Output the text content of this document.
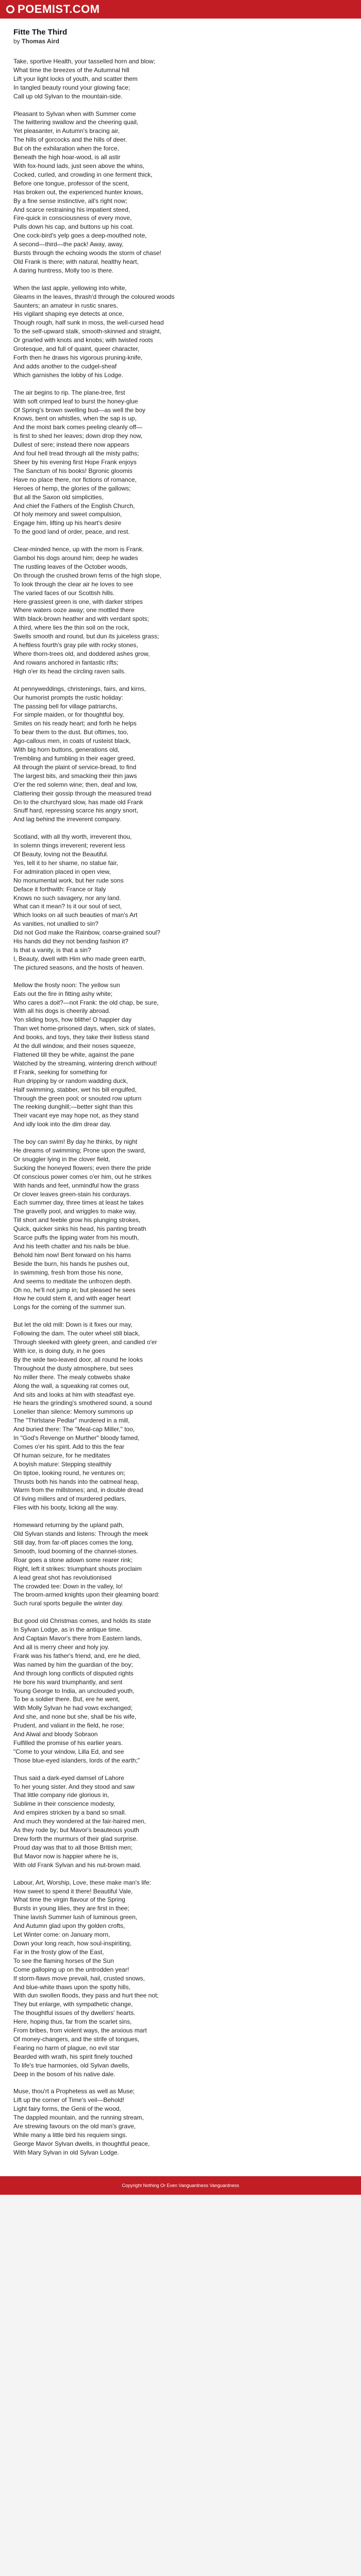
POEMIST.COM
Fitte The Third
by Thomas Aird
Take, sportive Health, your tasselled horn and blow;
What time the breezes of the Autumnal hill
Lift your light locks of youth, and scatter them
In tangled beauty round your glowing face;
Call up old Sylvan to the mountain-side.
Pleasant to Sylvan when with Summer come
The twittering swallow and the cheering quail,
Yet pleasanter, in Autumn's bracing air,
The hills of gorcocks and the hills of deer.
But oh the exhilaration when the force,
Beneath the high hoar-wood, is all astir
With fox-hound lads, just seen above the whins,
Cocked, curled, and crowding in one ferment thick,
Before one tongue, professor of the scent,
Has broken out, the experienced hunter knows,
By a fine sense instinctive, all's right now;
And scarce restraining his impatient steed,
Fire-quick in consciousness of every move,
Pulls down his cap, and buttons up his coat.
One cock-bird's yelp goes a deep-mouthed note,
A second—third—the pack! Away, away,
Bursts through the echoing woods the storm of chase!
Old Frank is there; with natural, healthy heart,
A daring huntress, Molly too is there.
When the last apple, yellowing into white,
Gleams in the leaves, thrash'd through the coloured woods
Saunters; an amateur in rustic snares,
His vigilant shaping eye detects at once,
Though rough, half sunk in moss, the well-cursed head
To the self-upward stalk, smooth-skinned and straight,
Or gnarled with knots and knobs; with twisted roots
Grotesque, and full of quaint, queer character,
Forth then he draws his vigorous pruning-knife,
And adds another to the cudgel-sheaf
Which garnishes the lobby of his Lodge.
The air begins to rip. The plane-tree, first
With soft crimped leaf to burst the honey-glue
Of Spring's brown swelling bud—as well the boy
Knows, bent on whistles, when the sap is up,
And the moist bark comes peeling cleanly off—
Is first to shed her leaves; down drop they now,
Dullest of sere; instead there now appears
And foul hell tread through all the misty paths;
Sheer by his evening first Hope Frank enjoys
The Sanctum of his books! Bgronic gloomis
Have no place there, nor fictions of romance,
Heroes of hemp, the glories of the gallows;
But all the Saxon old simplicities,
And chief the Fathers of the English Church,
Of holy memory and sweet compulsion,
Engage him, lifting up his heart's desire
To the good land of order, peace, and rest.
Clear-minded hence, up with the morn is Frank.
Gambol his dogs around him; deep he wades
The rustling leaves of the October woods,
On through the crushed brown ferns of the high slope,
To look through the clear air he loves to see
The varied faces of our Scottish hills.
Here grassiest green is one, with darker stripes
Where waters ooze away; one mottled there
With black-brown heather and with verdant spots;
A third, where lies the thin soil on the rock,
Swells smooth and round, but dun its juiceless grass;
A heftless fourth's gray pile with rocky stones,
Where thorn-trees old, and doddered ashes grow,
And rowans anchored in fantastic rifts;
High o'er its head the circling raven sails.
At pennyweddings, christenings, fairs, and kirns,
Our humorist prompts the rustic holiday:
The passing bell for village patriarchs,
For simple maiden, or for thoughtful boy,
Smites on his ready heart; and forth he helps
To bear them to the dust. But oftimes, too,
Ago-callous men, in coats of rusteist black,
With big horn buttons, generations old,
Trembling and fumbling in their eager greed,
All through the plaint of service-bread, to find
The largest bits, and smacking their thin jaws
O'er the red solemn wine; then, deaf and low,
Clattering their gossip through the measured tread
On to the churchyard slow, has made old Frank
Snuff hard, repressing scarce his angry snort,
And lag behind the irreverent company.
Scotland, with all thy worth, irreverent thou,
In solemn things irreverent; reverent less
Of Beauty, loving not the Beautiful.
Yes, tell it to her shame, no statue fair,
For admiration placed in open view,
No monumental work, but her rude sons
Deface it forthwith: France or Italy
Knows no such savagery, nor any land.
What can it mean? Is it our soul of sect,
Which looks on all such beauties of man's Art
As vanities, not unallied to sin?
Did not God make the Rainbow, coarse-grained soul?
His hands did they not bending fashion it?
Is that a vanity, is that a sin?
I, Beauty, dwell with Him who made green earth,
The pictured seasons, and the hosts of heaven.
Mellow the frosty noon: The yellow sun
Eats out the fire in fitting ashy white;
Who cares a doit?—not Frank: the old chap, be sure,
With all his dogs is cheerily abroad.
Yon sliding boys, how blithe! O happier day
Than wet home-prisoned days, when, sick of slates,
And books, and toys, they take their listless stand
At the dull window, and their noses squeeze,
Flattened till they be white, against the pane
Watched by the streaming, wintering drench without!
If Frank, seeking for something for
Run dripping by or random wadding duck,
Half swimming, stabber, wet his bill engulfed,
Through the green pool; or snouted row upturn
The reeking dunghill;—better sight than this
Their vacant eye may hope not, as they stand
And idly look into the dim drear day.
The boy can swim! By day he thinks, by night
He dreams of swimming; Prone upon the sward,
Or snuggler lying in the clover field,
Sucking the honeyed flowers; even there the pride
Of conscious power comes o'er him, out he strikes
With hands and feet, unmindful how the grass
Or clover leaves green-stain his cordurays.
Each summer day, three times at least he takes
The gravelly pool, and wriggles to make way,
Till short and feeble grow his plunging strokes,
Quick, quicker sinks his head, his panting breath
Scarce puffs the lipping water from his mouth,
And his teeth chatter and his nails be blue.
Behold him now! Bent forward on his hams
Beside the burn, his hands he pushes out,
In swimming, fresh from those his none,
And seems to meditate the unfrozen depth.
Oh no, he'll not jump in; but pleased he sees
How he could stem it, and with eager heart
Longs for the coming of the summer sun.
But let the old mill: Down is it fixes our may,
Following the dam. The outer wheel still black,
Through sleeked with gleety green, and candled o'er
With ice, is doing duty, in he goes
By the wide two-leaved door, all round he looks
Throughout the dusty atmosphere, but sees
No miller there. The mealy cobwebs shake
Along the wall, a squeaking rat comes out,
And sits and looks at him with steadfast eye.
He hears the grinding's smothered sound, a sound
Lonelier than silence: Memory summons up
The "Thirlstane Pedlar" murdered in a mill,
And buried there: The "Meal-cap Miller," too,
In "God's Revenge on Murther" bloody famed,
Comes o'er his spirit. Add to this the fear
Of human seizure, for he meditates
A boyish mature: Stepping stealthily
On tiptoe, looking round, he ventures on;
Thrusts both his hands into the oatmeal heap,
Warm from the millstones; and, in double dread
Of living millers and of murdered pedlars,
Flies with his booty, licking all the way.
Homeward returning by the upland path,
Old Sylvan stands and listens: Through the meek
Still day, from far-off places comes the long,
Smooth, loud booming of the channel-stones.
Roar goes a stone adown some rearer rink;
Right, left it strikes: triumphant shouts proclaim
A lead great shot has revolutionised
The crowded tee: Down in the valley, lo!
The broom-armed knights upon their gleaming board:
Such rural sports beguile the winter day.
But good old Christmas comes, and holds its state
In Sylvan Lodge, as in the antique time.
And Captain Mavor's there from Eastern lands,
And all is merry cheer and holy joy.
Frank was his father's friend, and, ere he died,
Was named by him the guardian of the boy;
And through long conflicts of disputed rights
He bore his ward triumphantly, and sent
Young George to India, an unclouded youth,
To be a soldier there. But, ere he went,
With Molly Sylvan he had vows exchanged;
And she, and none but she, shall be his wife,
Prudent, and valiant in the field, he rose;
And Alwal and bloody Sobraon
Fulfilled the promise of his earlier years.
"Come to your window, Lilla Ed, and see
Those blue-eyed islanders, lords of the earth;"
Thus said a dark-eyed damsel of Lahore
To her young sister. And they stood and saw
That little company ride glorious in,
Sublime in their conscience modesty,
And empires stricken by a band so small.
And much they wondered at the fair-haired men,
As they rode by; but Mavor's beauteous youth
Drew forth the murmurs of their glad surprise.
Proud day was that to all those British men;
But Mavor now is happier where he is,
With old Frank Sylvan and his nut-brown maid.
Labour, Art, Worship, Love, these make man's life:
How sweet to spend it there! Beautiful Vale,
What time the virgin flavour of the Spring
Bursts in young lilies, they are first in thee;
Thine lavish Summer lush of luminous green,
And Autumn glad upon thy golden crofts,
Let Winter come: on January morn,
Down your long reach, how soul-inspiriting,
Far in the frosty glow of the East,
To see the flaming horses of the Sun
Come galloping up on the untrodden year!
If storm-flaws move prevail, hail, crusted snows,
And blue-white thaws upon the spotty hills,
With dun swollen floods, they pass and hurt thee not;
They but enlarge, with sympathetic change,
The thoughtful issues of thy dwellers' hearts.
Here, hoping thus, far from the scarlet sins,
From bribes, from violent ways, the anxious mart
Of money-changers, and the strife of tongues,
Fearing no harm of plague, no evil star
Bearded with wrath, his spirit finely touched
To life's true harmonies, old Sylvan dwells,
Deep in the bosom of his native dale.
Muse, thou'rt a Prophetess as well as Muse;
Lift up the corner of Time's veil—Behold!
Light fairy forms, the Genii of the wood,
The dappled mountain, and the running stream,
Are strewing favours on the old man's grave,
While many a little bird his requiem sings.
George Mavor Sylvan dwells, in thoughtful peace,
With Mary Sylvan in old Sylvan Lodge.
Copyright Nothing Or Even Vanguardness Vanguardness
